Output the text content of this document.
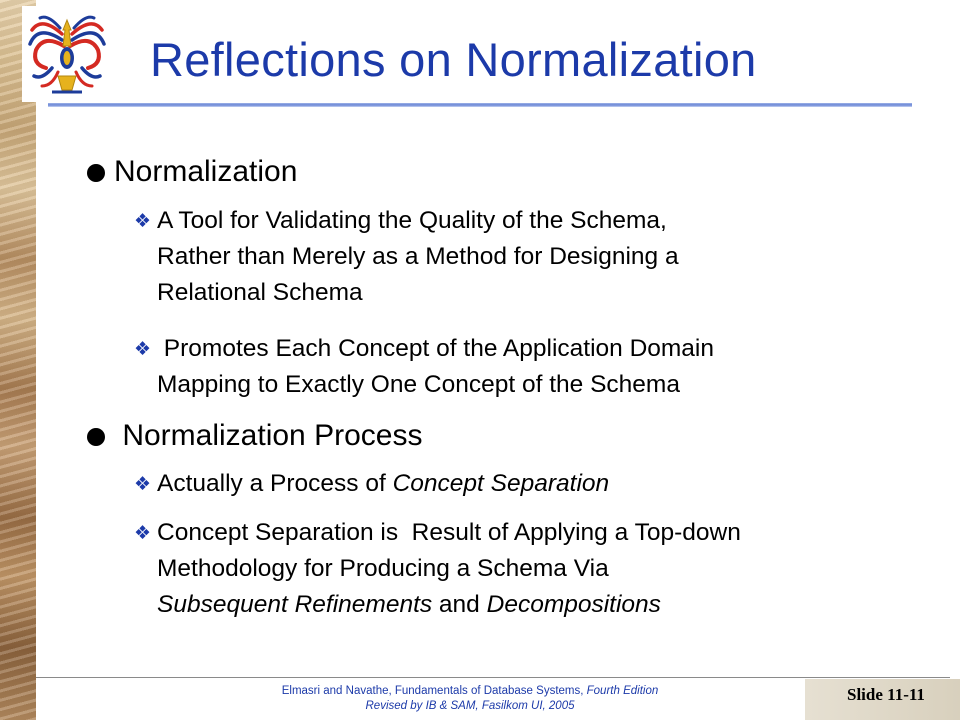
Reflections on Normalization
Normalization
❖ A Tool for Validating the Quality of the Schema,
Rather than Merely as a Method for Designing a
Relational Schema
❖ Promotes Each Concept of the Application Domain
Mapping to Exactly One Concept of the Schema
Normalization Process
❖ Actually a Process of Concept Separation
❖ Concept Separation is  Result of Applying a Top-down
Methodology for Producing a Schema Via
Subsequent Refinements and Decompositions
Elmasri and Navathe, Fundamentals of Database Systems, Fourth Edition
Revised by IB & SAM, Fasilkom UI, 2005
Slide 11-11
